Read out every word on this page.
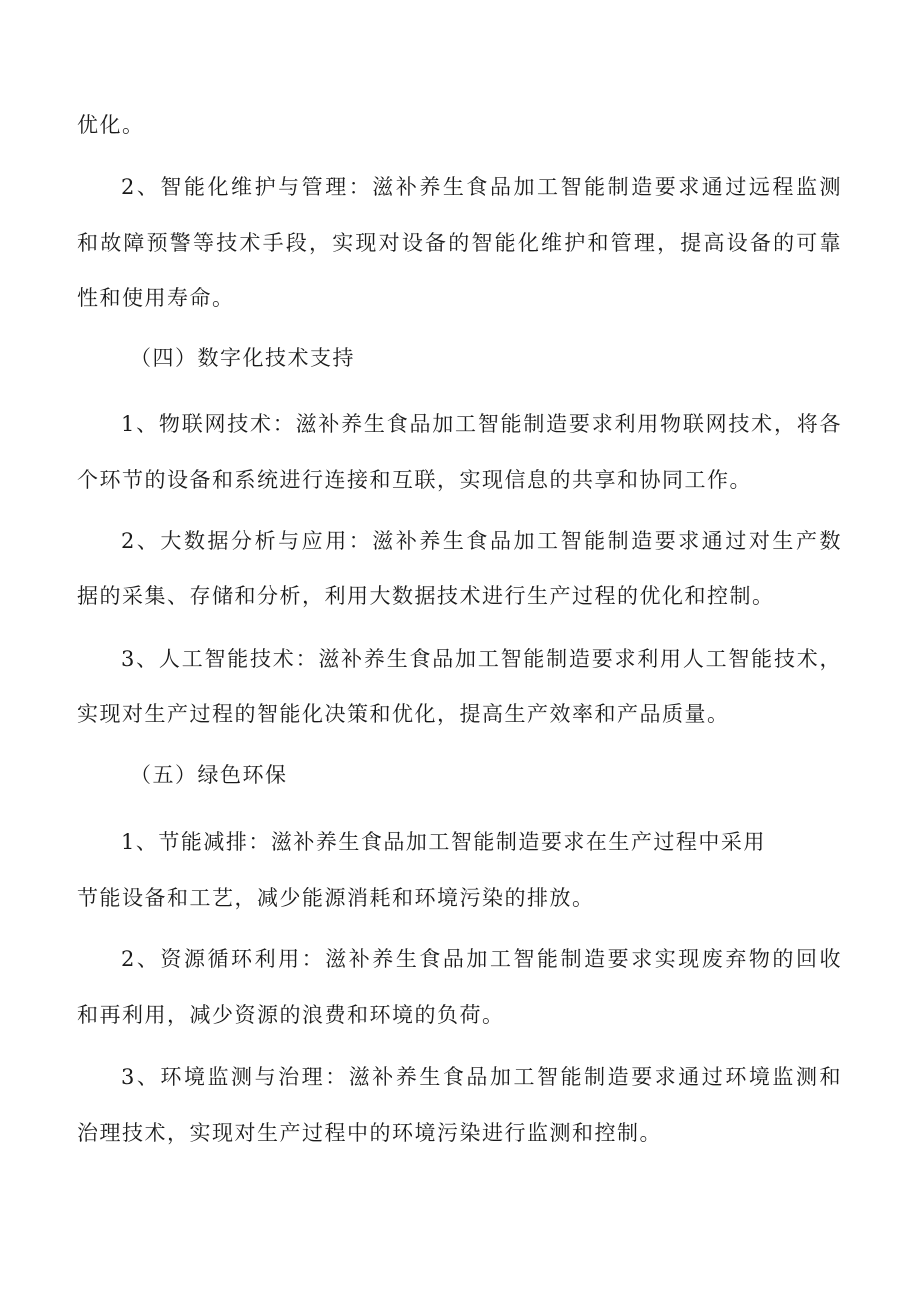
优化。
2、智能化维护与管理：滋补养生食品加工智能制造要求通过远程监测
和故障预警等技术手段，实现对设备的智能化维护和管理，提高设备的可靠
性和使用寿命。
（四）数字化技术支持
1、物联网技术：滋补养生食品加工智能制造要求利用物联网技术，将各
个环节的设备和系统进行连接和互联，实现信息的共享和协同工作。
2、大数据分析与应用：滋补养生食品加工智能制造要求通过对生产数
据的采集、存储和分析，利用大数据技术进行生产过程的优化和控制。
3、人工智能技术：滋补养生食品加工智能制造要求利用人工智能技术，
实现对生产过程的智能化决策和优化，提高生产效率和产品质量。
（五）绿色环保
1、节能减排：滋补养生食品加工智能制造要求在生产过程中采用
节能设备和工艺，减少能源消耗和环境污染的排放。
2、资源循环利用：滋补养生食品加工智能制造要求实现废弃物的回收
和再利用，减少资源的浪费和环境的负荷。
3、环境监测与治理：滋补养生食品加工智能制造要求通过环境监测和
治理技术，实现对生产过程中的环境污染进行监测和控制。
